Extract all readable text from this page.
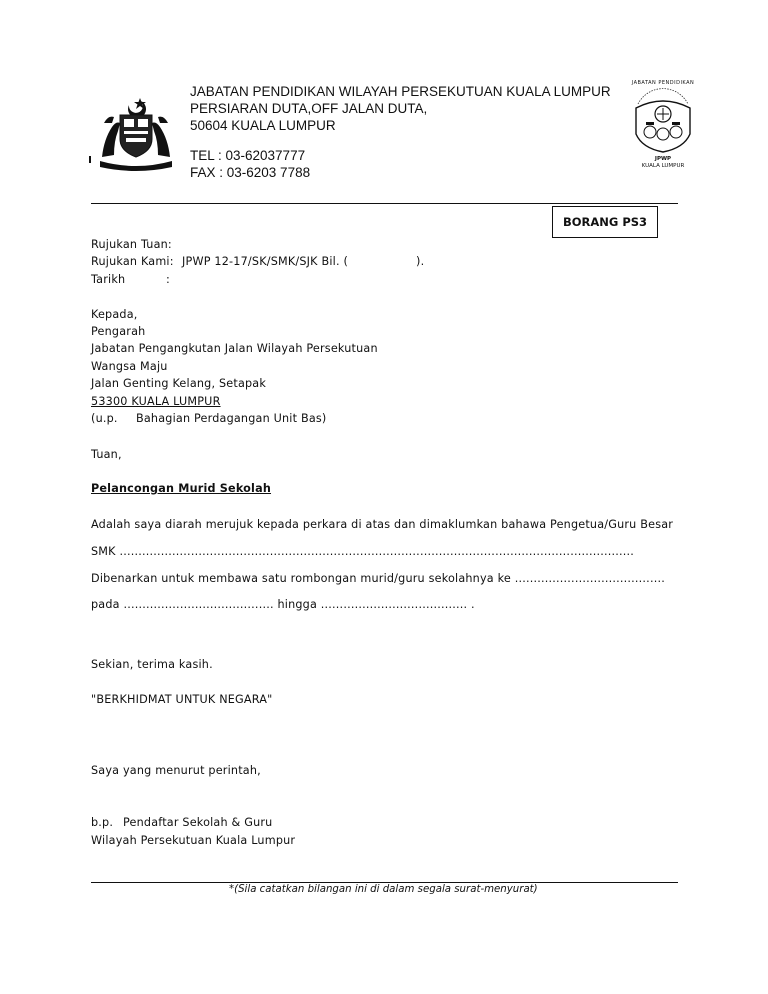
JABATAN PENDIDIKAN WILAYAH PERSEKUTUAN KUALA LUMPUR
PERSIARAN DUTA,OFF JALAN DUTA,
50604 KUALA LUMPUR
TEL : 03-62037777
FAX : 03-6203 7788
JABATAN PENDIDIKAN
JPWP
KUALA LUMPUR
BORANG PS3
Rujukan Tuan:
Rujukan Kami: JPWP 12-17/SK/SMK/SJK Bil. (	).
Tarikh	:
Kepada,
Pengarah
Jabatan Pengangkutan Jalan Wilayah Persekutuan
Wangsa Maju
Jalan Genting Kelang, Setapak
53300 KUALA LUMPUR
(u.p. Bahagian Perdagangan Unit Bas)
Tuan,
Pelancongan Murid Sekolah
Adalah saya diarah merujuk kepada perkara di atas dan dimaklumkan bahawa Pengetua/Guru Besar
SMK .........................................................................................................................................
Dibenarkan untuk membawa satu rombongan murid/guru sekolahnya ke ........................................
pada ........................................ hingga ....................................... .
Sekian, terima kasih.
"BERKHIDMAT UNTUK NEGARA"
Saya yang menurut perintah,
b.p. Pendaftar Sekolah & Guru
Wilayah Persekutuan Kuala Lumpur
*(Sila catatkan bilangan ini di dalam segala surat-menyurat)
